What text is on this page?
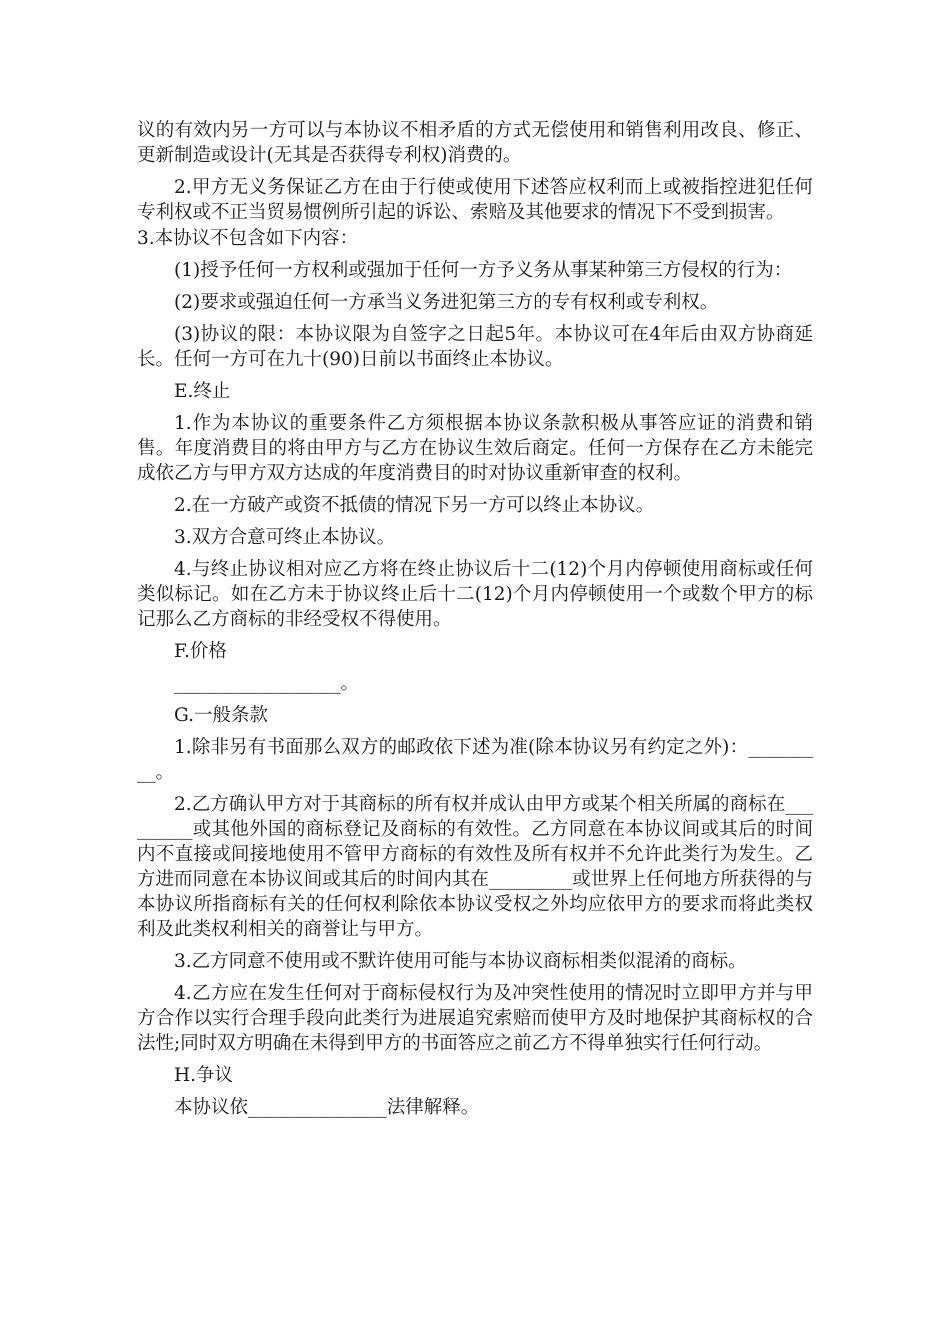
议的有效内另一方可以与本协议不相矛盾的方式无偿使用和销售利用改良、修正、更新制造或设计(无其是否获得专利权)消费的。

2.甲方无义务保证乙方在由于行使或使用下述答应权利而上或被指控进犯任何专利权或不正当贸易惯例所引起的诉讼、索赔及其他要求的情况下不受到损害。

3.本协议不包含如下内容：

(1)授予任何一方权利或强加于任何一方予义务从事某种第三方侵权的行为：

(2)要求或强迫任何一方承当义务进犯第三方的专有权利或专利权。

(3)协议的限：本协议限为自签字之日起5年。本协议可在4年后由双方协商延长。任何一方可在九十(90)日前以书面终止本协议。

E.终止

1.作为本协议的重要条件乙方须根据本协议条款积极从事答应证的消费和销售。年度消费目的将由甲方与乙方在协议生效后商定。任何一方保存在乙方未能完成依乙方与甲方双方达成的年度消费目的时对协议重新审查的权利。

2.在一方破产或资不抵债的情况下另一方可以终止本协议。

3.双方合意可终止本协议。

4.与终止协议相对应乙方将在终止协议后十二(12)个月内停顿使用商标或任何类似标记。如在乙方未于协议终止后十二(12)个月内停顿使用一个或数个甲方的标记那么乙方商标的非经受权不得使用。

F.价格

__________________。

G.一般条款

1.除非另有书面那么双方的邮政依下述为准(除本协议另有约定之外)：_________。

2.乙方确认甲方对于其商标的所有权并成认由甲方或某个相关所属的商标在_________或其他外国的商标登记及商标的有效性。乙方同意在本协议间或其后的时间内不直接或间接地使用不管甲方商标的有效性及所有权并不允许此类行为发生。乙方进而同意在本协议间或其后的时间内其在_________或世界上任何地方所获得的与本协议所指商标有关的任何权利除依本协议受权之外均应依甲方的要求而将此类权利及此类权利相关的商誉让与甲方。

3.乙方同意不使用或不默许使用可能与本协议商标相类似混淆的商标。

4.乙方应在发生任何对于商标侵权行为及冲突性使用的情况时立即甲方并与甲方合作以实行合理手段向此类行为进展追究索赔而使甲方及时地保护其商标权的合法性;同时双方明确在未得到甲方的书面答应之前乙方不得单独实行任何行动。

H.争议

本协议依_______________法律解释。
